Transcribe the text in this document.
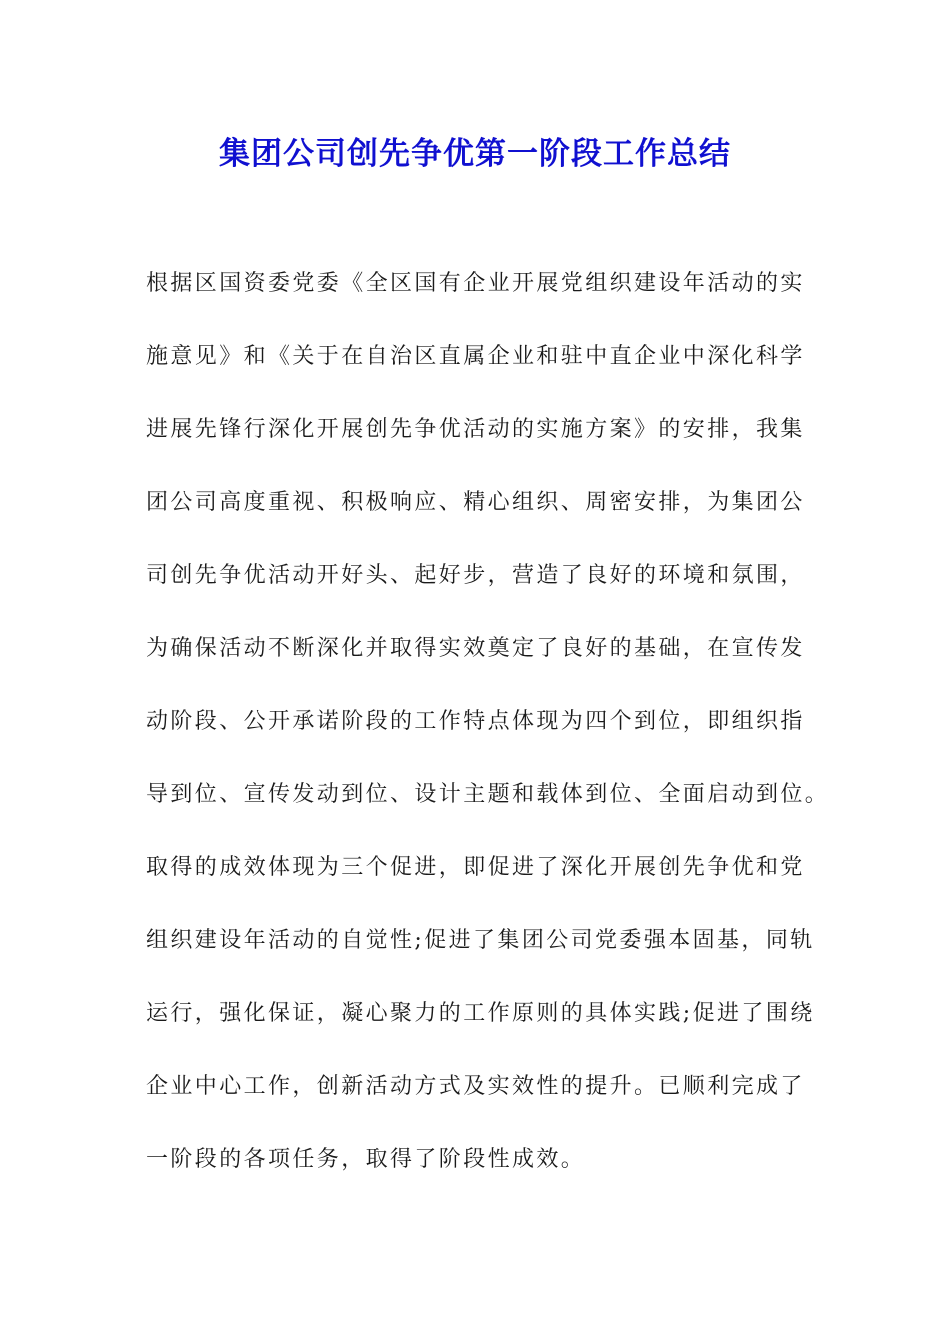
集团公司创先争优第一阶段工作总结
根据区国资委党委《全区国有企业开展党组织建设年活动的实
施意见》和《关于在自治区直属企业和驻中直企业中深化科学
进展先锋行深化开展创先争优活动的实施方案》的安排，我集
团公司高度重视、积极响应、精心组织、周密安排，为集团公
司创先争优活动开好头、起好步，营造了良好的环境和氛围，
为确保活动不断深化并取得实效奠定了良好的基础，在宣传发
动阶段、公开承诺阶段的工作特点体现为四个到位，即组织指
导到位、宣传发动到位、设计主题和载体到位、全面启动到位。
取得的成效体现为三个促进，即促进了深化开展创先争优和党
组织建设年活动的自觉性;促进了集团公司党委强本固基，同轨
运行，强化保证，凝心聚力的工作原则的具体实践;促进了围绕
企业中心工作，创新活动方式及实效性的提升。已顺利完成了
一阶段的各项任务，取得了阶段性成效。
